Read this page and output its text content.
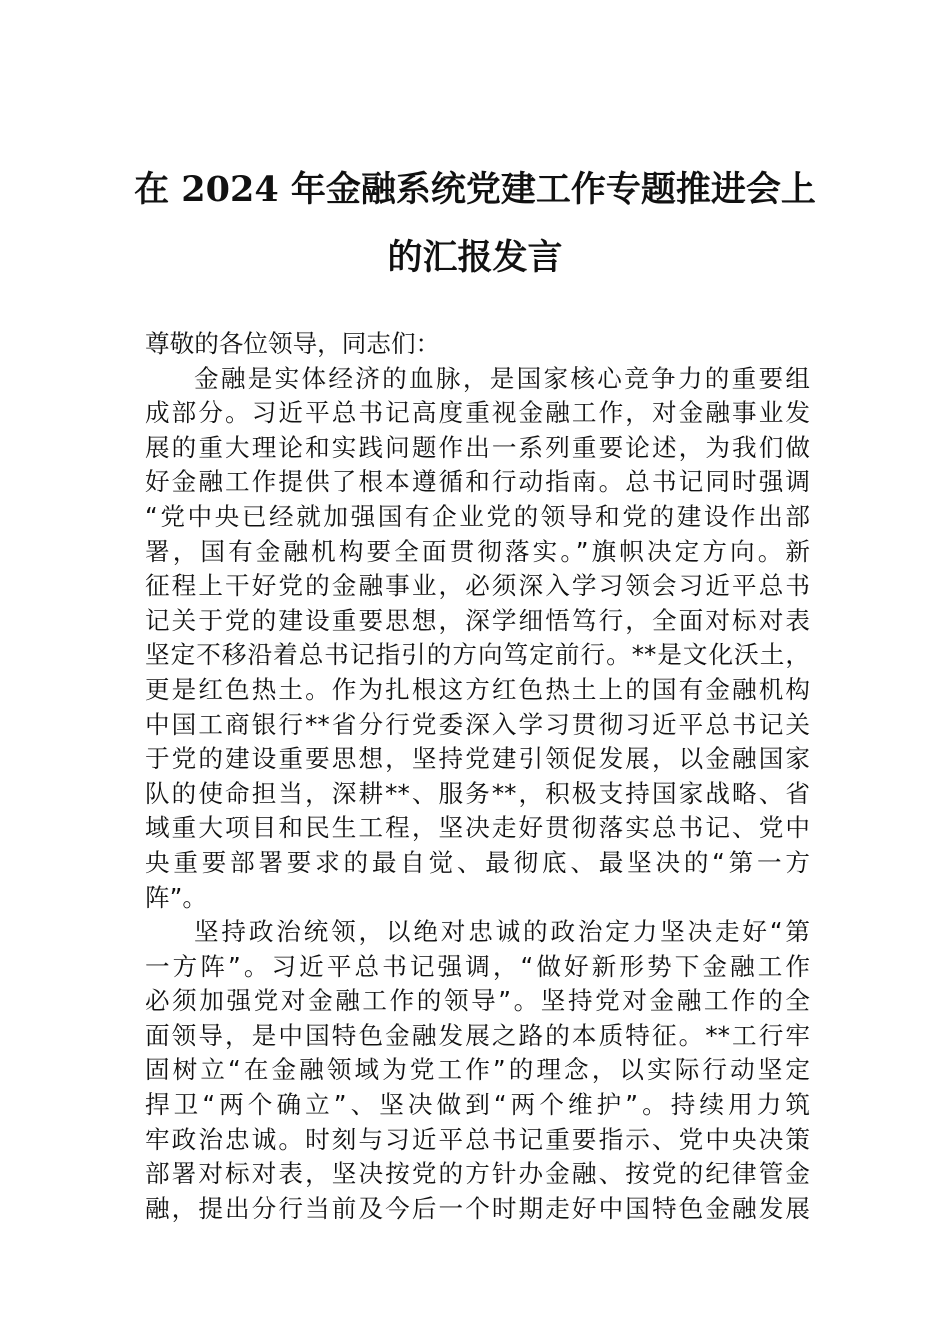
在 2024 年金融系统党建工作专题推进会上
的汇报发言
尊敬的各位领导，同志们：
金融是实体经济的血脉，是国家核心竞争力的重要组
成部分。习近平总书记高度重视金融工作，对金融事业发
展的重大理论和实践问题作出一系列重要论述，为我们做
好金融工作提供了根本遵循和行动指南。总书记同时强调
“党中央已经就加强国有企业党的领导和党的建设作出部
署，国有金融机构要全面贯彻落实。”旗帜决定方向。新
征程上干好党的金融事业，必须深入学习领会习近平总书
记关于党的建设重要思想，深学细悟笃行，全面对标对表
坚定不移沿着总书记指引的方向笃定前行。**是文化沃土，
更是红色热土。作为扎根这方红色热土上的国有金融机构
中国工商银行**省分行党委深入学习贯彻习近平总书记关
于党的建设重要思想，坚持党建引领促发展，以金融国家
队的使命担当，深耕**、服务**，积极支持国家战略、省
域重大项目和民生工程，坚决走好贯彻落实总书记、党中
央重要部署要求的最自觉、最彻底、最坚决的“第一方
阵”。
坚持政治统领，以绝对忠诚的政治定力坚决走好“第
一方阵”。习近平总书记强调，“做好新形势下金融工作
必须加强党对金融工作的领导”。坚持党对金融工作的全
面领导，是中国特色金融发展之路的本质特征。**工行牢
固树立“在金融领域为党工作”的理念，以实际行动坚定
捍卫“两个确立”、坚决做到“两个维护”。持续用力筑
牢政治忠诚。时刻与习近平总书记重要指示、党中央决策
部署对标对表，坚决按党的方针办金融、按党的纪律管金
融，提出分行当前及今后一个时期走好中国特色金融发展
